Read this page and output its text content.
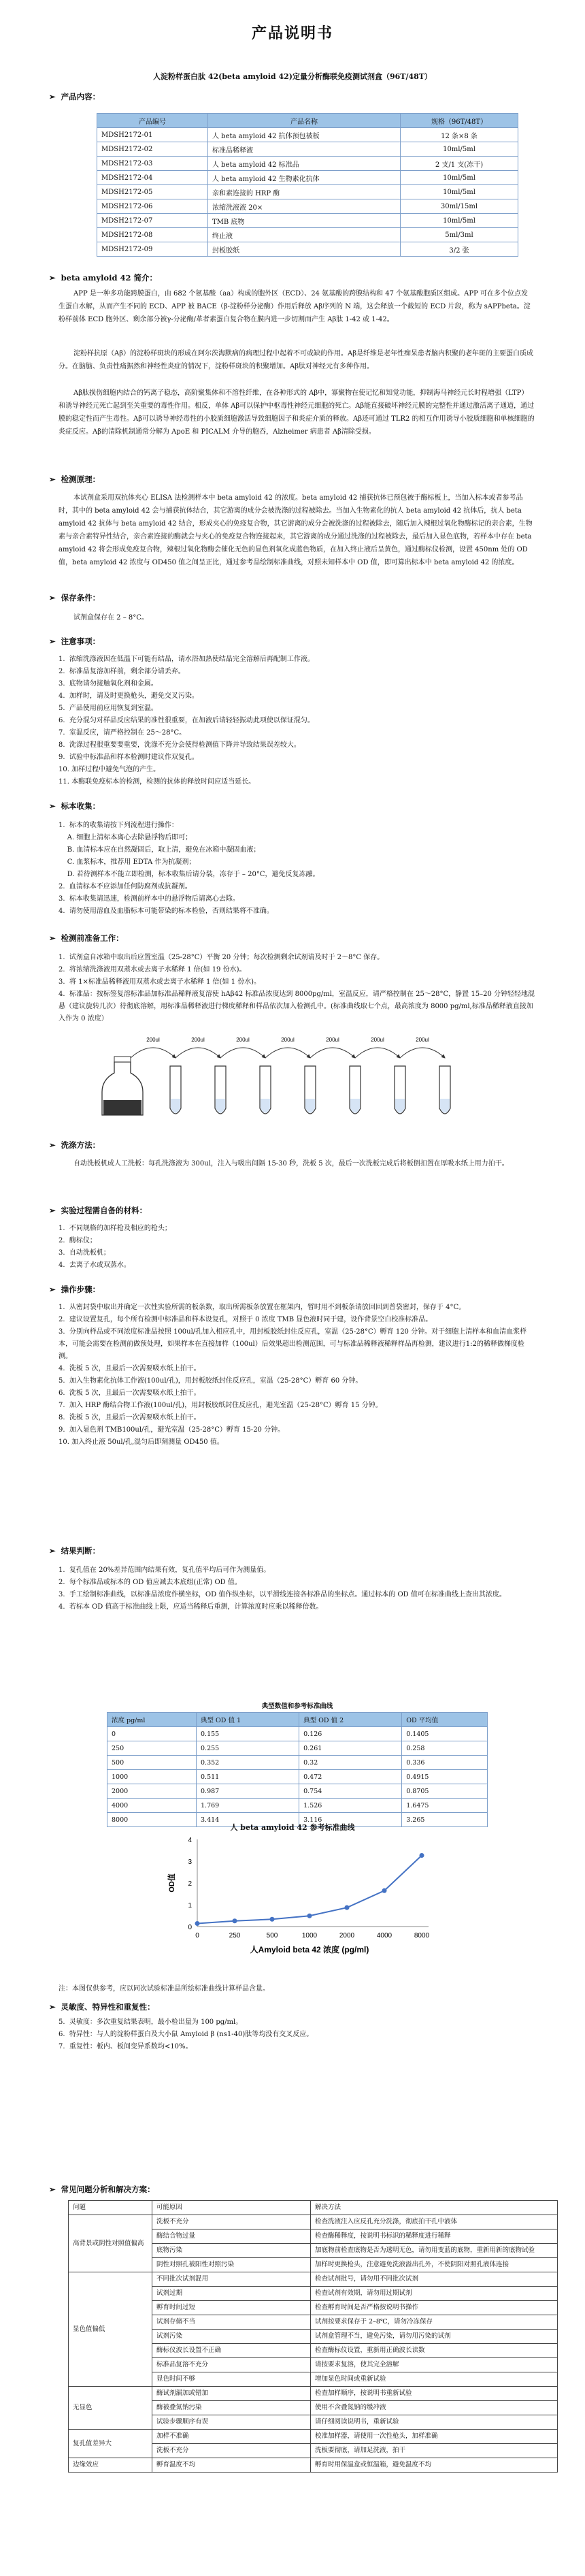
产品说明书
人淀粉样蛋白肽 42(beta amyloid 42)定量分析酶联免疫测试剂盒（96T/48T）
➢ 产品内容：
产品编号	产品名称	规格（96T/48T）
MDSH2172-01	人 beta amyloid 42 抗体预包被板	12 条×8 条
MDSH2172-02	标准品稀释液	10ml/5ml
MDSH2172-03	人 beta amyloid 42 标准品	2 支/1 支(冻干)
MDSH2172-04	人 beta amyloid 42 生物素化抗体	10ml/5ml
MDSH2172-05	亲和素连接的 HRP 酶	10ml/5ml
MDSH2172-06	浓缩洗液液 20×	30ml/15ml
MDSH2172-07	TMB 底物	10ml/5ml
MDSH2172-08	终止液	5ml/3ml
MDSH2172-09	封板胶纸	3/2 张
➢ beta amyloid 42 简介：
APP 是一种多功能跨膜蛋白，由 682 个氨基酸（aa）构成的胞外区（ECD）、24 氨基酸的跨膜结构和 47 个氨基酸胞质区组成。APP 可在多个位点发生蛋白水解，从而产生不同的 ECD、APP 被 BACE（β-淀粉样分泌酶）作用后释放 Aβ序列的 N 端，这会释放一个截短的 ECD 片段，称为 sAPPbeta。淀粉样前体 ECD 胞外区、剩余部分被γ-分泌酶/革者素蛋白复合物在膜内进一步切割而产生 Aβ肽 1-42 或 1-42。
淀粉样抗原（Aβ）的淀粉样斑块的形成在阿尔茨海默病的病理过程中起着不可或缺的作用。Aβ是纤维是老年性痴呆患者脑内积聚的老年斑的主要蛋白质成分。在脑脑、负责性痛据然和神经性炎症的情况下，淀粉样斑块的积聚增加。Aβ肽对神经元有多种作用。
Aβ肽损伤细胞内结合的钙离子稳态，高阶聚集体和不溶性纤维，在各种形式的 Aβ中，寡聚物在使记忆和知觉功能，抑制海马神经元长时程增强（LTP）和诱导神经元死亡起到至关重要的毒性作用。相反，单体 Aβ可以保护中枢毒性神经元细胞的死亡。Aβ能直接破坏神经元膜的完整性并通过激活离子通道，通过膜的稳定性而产生毒性。Aβ可以诱导神经毒性的小胶质细胞激活导致细胞因子和炎症介质的释放。Aβ还可通过 TLR2 的相互作用诱导小胶质细胞和单核细胞的炎症反应。Aβ的清除机制通常分解为 ApoE 和 PICALM 介导的胞吞，Alzheimer 病患者 Aβ清除受损。
➢ 检测原理：
本试剂盒采用双抗体夹心 ELISA 法检测样本中 beta amyloid 42 的浓度。beta amyloid 42 捕获抗体已预包被于酶标板上，当加入标本或者参考品时，其中的 beta amyloid 42 会与捕获抗体结合，其它游离的成分会被洗涤的过程被除去。当加入生物素化的抗人 beta amyloid 42 抗体后，抗人 beta amyloid 42 抗体与 beta amyloid 42 结合，形成夹心的免疫复合物，其它游离的成分会被洗涤的过程被除去，随后加入辣根过氧化物酶标记的亲合素，生物素与亲合素特异性结合，亲合素连接的酶就会与夹心的免疫复合物连接起来，其它游离的成分通过洗涤的过程被除去，最后加入显色底物，若样本中存在 beta amyloid 42 将会形成免疫复合物，辣根过氧化物酶会催化无色的显色剂氧化成蓝色物质，在加入终止液后呈黄色，通过酶标仪检测，设置 450nm 处的 OD 值，beta amyloid 42 浓度与 OD450 值之间呈正比，通过参考品绘制标准曲线，对照未知样本中 OD 值，即可算出标本中 beta amyloid 42 的浓度。
➢ 保存条件：
试剂盒保存在 2 – 8°C。
➢ 注意事项：
1.  浓缩洗涤液因在低温下可能有结晶，请水浴加热使结晶完全溶解后再配制工作液。
2.  标准品复溶加样前，剩余部分请丢弃。
3.  底物请勿接触氧化剂和金属。
4.  加样时，请及时更换枪头，避免交叉污染。
5.  产品使用前应用恢复到室温。
6.  充分混匀对样品反应结果的准性很重要，在加液后请轻轻振动此项使以保证混匀。
7.  室温反应，请严格控制在 25～28°C。
8.  洗涤过程很重要要重要，洗涤不充分会使得检测值下降并导致结果误差较大。
9.  试验中标准品和样本检测时建议作双复孔。
10. 加样过程中避免气泡的产生。
11. 本酶联免疫标本的检测，检测的抗体的释放时间应适当延长。
➢ 标本收集：
1.  标本的收集请按下列流程进行操作：
A. 细胞上清标本离心去除悬浮物后即可；
B. 血清标本应在自然凝固后，取上清，避免在冰箱中凝固血液；
C. 血浆标本，推荐用 EDTA 作为抗凝剂；
D. 若待测样本不能立即检测，标本收集后请分装，冻存于 – 20°C，避免反复冻融。
2.  血清标本不应添加任何防腐剂或抗凝剂。
3.  标本收集请迅速，检测前样本中的悬浮物后请离心去除。
4.  请勿使用溶血及血脂标本可能带染的标本检验，否则结果将不准确。
➢ 检测前准备工作：
1.  试剂盒自冰箱中取出后应置室温（25-28°C）平衡 20 分钟；每次检测剩余试剂请及时于 2～8°C 保存。
2.  将浓缩洗涤液用双蒸水或去离子水稀释 1 倍(如 19 份水)。
3.  将 1×标准品稀释液用双蒸水或去离子水稀释 1 倍(如 1 份水)。
4.  标准品：按标签复溶标准品加标准品稀释液复溶使 hAβ42 标准品浓度达到 8000pg/ml，室温反应，请严格控制在 25～28°C，静置 15–20 分钟轻轻地混悬（建议旋转几次）待彻底溶解，用标准品稀释液进行梯度稀释和样品依次加入检测孔中。(标准曲线取七个点，最高浓度为 8000 pg/ml,标准品稀释液直接加入作为 0 浓度）
200ul	200ul	200ul	200ul	200ul	200ul	200ul
➢ 洗涤方法：
自动洗板机成人工洗板：每孔洗涤液为 300ul，注入与吸出间隔 15-30 秒，洗板 5 次，最后一次洗板完成后将板倒扣置在厚吸水纸上用力拍干。
➢ 实验过程需自备的材料：
1.  不同规格的加样枪及相应的枪头；
2.  酶标仪；
3.  自动洗板机；
4.  去离子水或双蒸水。
➢ 操作步骤：
1.  从密封袋中取出并确定一次性实验所需的板条数，取出所需板条放置在框架内，暂时用不到板条请放回回到普袋密封，保存于 4°C。
2.  建议设置复孔，每个所有检测中标准品和样本设复孔，对照于 0 浓度 TMB 显色液时同于建，设作背景空白校准标准品。
3.  分别向样品或不同浓度标准品按照 100ul/孔加入相应孔中，用封板胶纸封住反应孔，室温（25-28°C）孵育 120 分钟。对于细胞上清样本和血清血浆样本，可能会需要在检测前做预处理，如果样本在直接加样（100ul）后效果超出检测范围，可与标准品稀释液稀释样品再检测，建议进行1:2的稀释做梯度检测。
4.  洗板 5 次，且最后一次需要吸水纸上拍干。
5.  加入生物素化抗体工作液(100ul/孔)，用封板胶纸封住反应孔，室温（25-28°C）孵育 60 分钟。
6.  洗板 5 次，且最后一次需要吸水纸上拍干。
7.  加入 HRP 酶结合物工作液(100ul/孔)，用封板胶纸封住反应孔，避光室温（25-28°C）孵育 15 分钟。
8.  洗板 5 次，且最后一次需要吸水纸上拍干。
9.  加入显色剂 TMB100ul/孔，避光室温（25-28°C）孵育 15-20 分钟。
10. 加入终止液 50ul/孔,混匀后即刻测量 OD450 值。
➢ 结果判断：
1.  复孔值在 20%差异范围内结果有效，复孔值平均后可作为测量值。
2.  每个标准品或标本的 OD 值应减去本底组(正常) OD 值。
3.  手工绘制标准曲线，以标准品浓度作横坐标，OD 值作纵坐标，以平滑线连接各标准品的坐标点。通过标本的 OD 值可在标准曲线上查出其浓度。
4.  若标本 OD 值高于标准曲线上限，应适当稀释后重测，计算浓度时应乘以稀释倍数。
典型数值和参考标准曲线			
浓度 pg/ml	典型 OD 值 1	典型 OD 值 2	OD 平均值
0	0.155	0.126	0.1405
250	0.255	0.261	0.258
500	0.352	0.32	0.336
1000	0.511	0.472	0.4915
2000	0.987	0.754	0.8705
4000	1.769	1.526	1.6475
8000	3.414	3.116	3.265
人 beta amyloid 42 参考标准曲线
0
1
2
3
4
0	250	500	1000	2000	4000	8000
人Amyloid beta 42 浓度 (pg/ml)
OD值
注：本图仅供参考，应以同次试验标准品所绘标准曲线计算样品含量。
➢ 灵敏度、特异性和重复性：
5.  灵敏度：多次重复结果表明，最小检出量为 100 pg/ml。
6.  特异性：与人的淀粉样蛋白及大小鼠 Amyloid β (ns1-40)肽等均没有交叉反应。
7.  重复性：板内、板间变异系数均<10%。
➢ 常见问题分析和解决方案：
问题	可能原因	解决方法
高背景或阴性对照值偏高	洗板不充分	检查洗液注入应反孔充分洗涤，彻底拍干孔中液体
	酶结合物过量	检查酶稀释度，按说明书标识的稀释度进行稀释
	底物污染	加底物前检查底物是否为透明无色，请勿用变蓝的底物，重新用新的底物试验
	阴性对照孔被阳性对照污染	加样时更换枪头，注意避免洗液溢出孔外，不使阴阳对照孔液体连接
显色值偏低	不同批次试剂混用	检查试剂批号，请勿用不同批次试剂
	试剂过期	检查试剂有效期，请勿用过期试剂
	孵育时间过短	检查孵育时间是否严格按说明书操作
	试剂存储不当	试剂按要求保存于 2–8℃，请勿冷冻保存
	试剂污染	试剂盒管理不当，避免污染，请勿用污染的试剂
	酶标仪波长设置不正确	检查酶标仪设置，重新用正确波长读数
	标准品复溶不充分	请按要求复溶，使其完全溶解
	显色时间不够	增加显色时间或重新试验
无显色	酶试剂漏加或错加	检查加样顺序，按说明书重新试验
	酶被叠氮钠污染	使用不含叠氮钠的缓冲液
	试验步骤顺序有误	请仔细阅读说明书，重新试验
复孔值差异大	加样不准确	校准加样器，请使用一次性枪头，加样准确
	洗板不充分	洗板要彻底，请加足洗液，拍干
边缘效应	孵育温度不均	孵育时用保温盒或恒温箱，避免温度不均
